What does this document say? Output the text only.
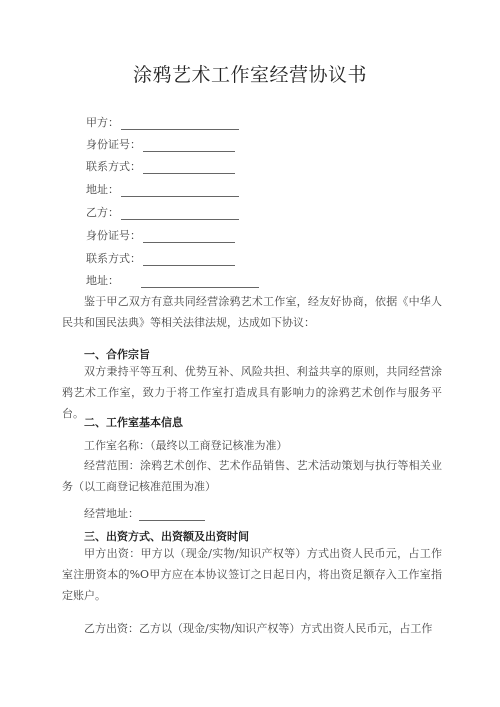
涂鸦艺术工作室经营协议书
甲方：
身份证号：
联系方式：
地址：
乙方：
身份证号：
联系方式：
地址：

鉴于甲乙双方有意共同经营涂鸦艺术工作室，经友好协商，依据《中华人民共和国民法典》等相关法律法规，达成如下协议：

一、合作宗旨

双方秉持平等互利、优势互补、风险共担、利益共享的原则，共同经营涂鸦艺术工作室，致力于将工作室打造成具有影响力的涂鸦艺术创作与服务平台。

二、工作室基本信息
工作室名称：（最终以工商登记核准为准）

经营范围：涂鸦艺术创作、艺术作品销售、艺术活动策划与执行等相关业务（以工商登记核准范围为准）

经营地址：
三、出资方式、出资额及出资时间

甲方出资：甲方以（现金/实物/知识产权等）方式出资人民币元，占工作室注册资本的%O甲方应在本协议签订之日起日内，将出资足额存入工作室指定账户。

乙方出资：乙方以（现金/实物/知识产权等）方式出资人民币元，占工作
